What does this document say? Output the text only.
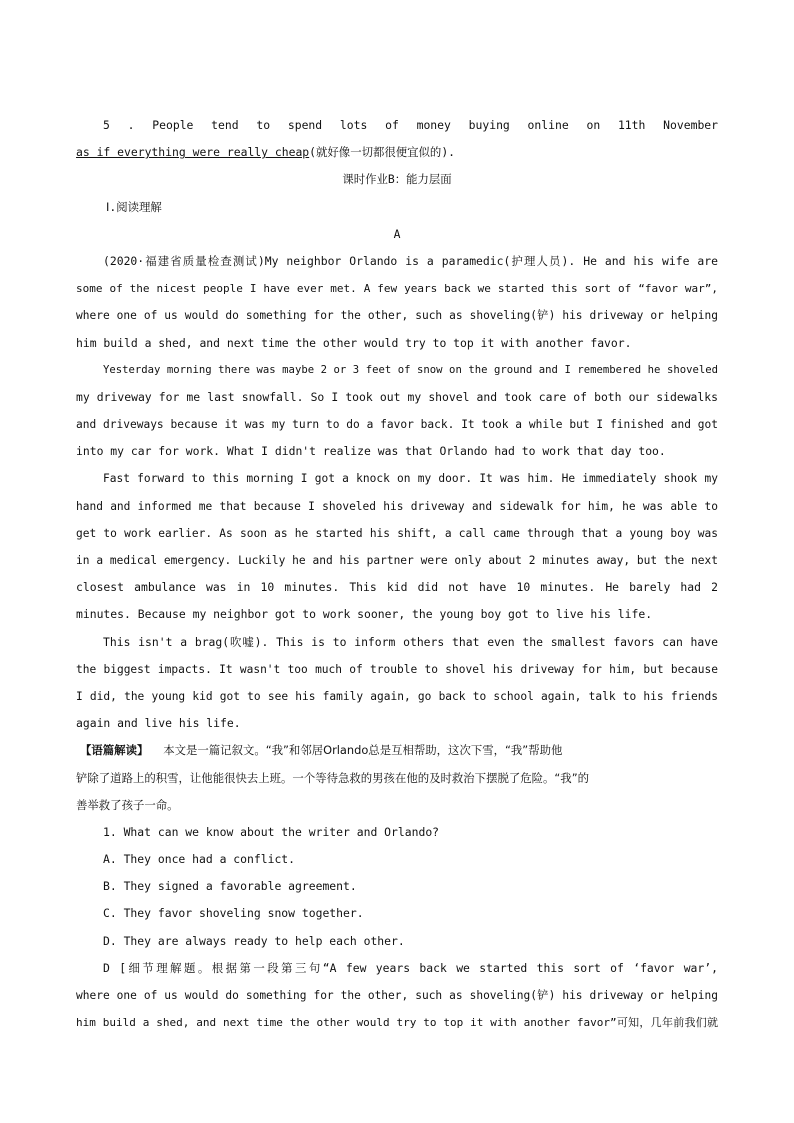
5 . People tend to spend lots of money buying online on 11th November
as if everything were really cheap(就好像一切都很便宜似的).
课时作业B：能力层面
Ⅰ.阅读理解
A
(2020·福建省质量检查测试)My neighbor Orlando is a paramedic(护理人员). He and his wife are
some of the nicest people I have ever met. A few years back we started this sort of “favor war”,
where one of us would do something for the other, such as shoveling(铲) his driveway or helping
him build a shed, and next time the other would try to top it with another favor.
Yesterday morning there was maybe 2 or 3 feet of snow on the ground and I remembered he shoveled
my driveway for me last snowfall. So I took out my shovel and took care of both our sidewalks
and driveways because it was my turn to do a favor back. It took a while but I finished and got
into my car for work. What I didn't realize was that Orlando had to work that day too.
Fast forward to this morning I got a knock on my door. It was him. He immediately shook my
hand and informed me that because I shoveled his driveway and sidewalk for him, he was able to
get to work earlier. As soon as he started his shift, a call came through that a young boy was
in a medical emergency. Luckily he and his partner were only about 2 minutes away, but the next
closest ambulance was in 10 minutes. This kid did not have 10 minutes. He barely had 2
minutes. Because my neighbor got to work sooner, the young boy got to live his life.
This isn't a brag(吹嘘). This is to inform others that even the smallest favors can have
the biggest impacts. It wasn't too much of trouble to shovel his driveway for him, but because
I did, the young kid got to see his family again, go back to school again, talk to his friends
again and live his life.
【语篇解读】 本文是一篇记叙文。“我”和邻居Orlando总是互相帮助，这次下雪，“我”帮助他
铲除了道路上的积雪，让他能很快去上班。一个等待急救的男孩在他的及时救治下摆脱了危险。“我”的
善举救了孩子一命。
1. What can we know about the writer and Orlando?
A. They once had a conflict.
B. They signed a favorable agreement.
C. They favor shoveling snow together.
D. They are always ready to help each other.
D [细节理解题。根据第一段第三句“A few years back we started this sort of ‘favor war’,
where one of us would do something for the other, such as shoveling(铲) his driveway or helping
him build a shed, and next time the other would try to top it with another favor”可知，几年前我们就
